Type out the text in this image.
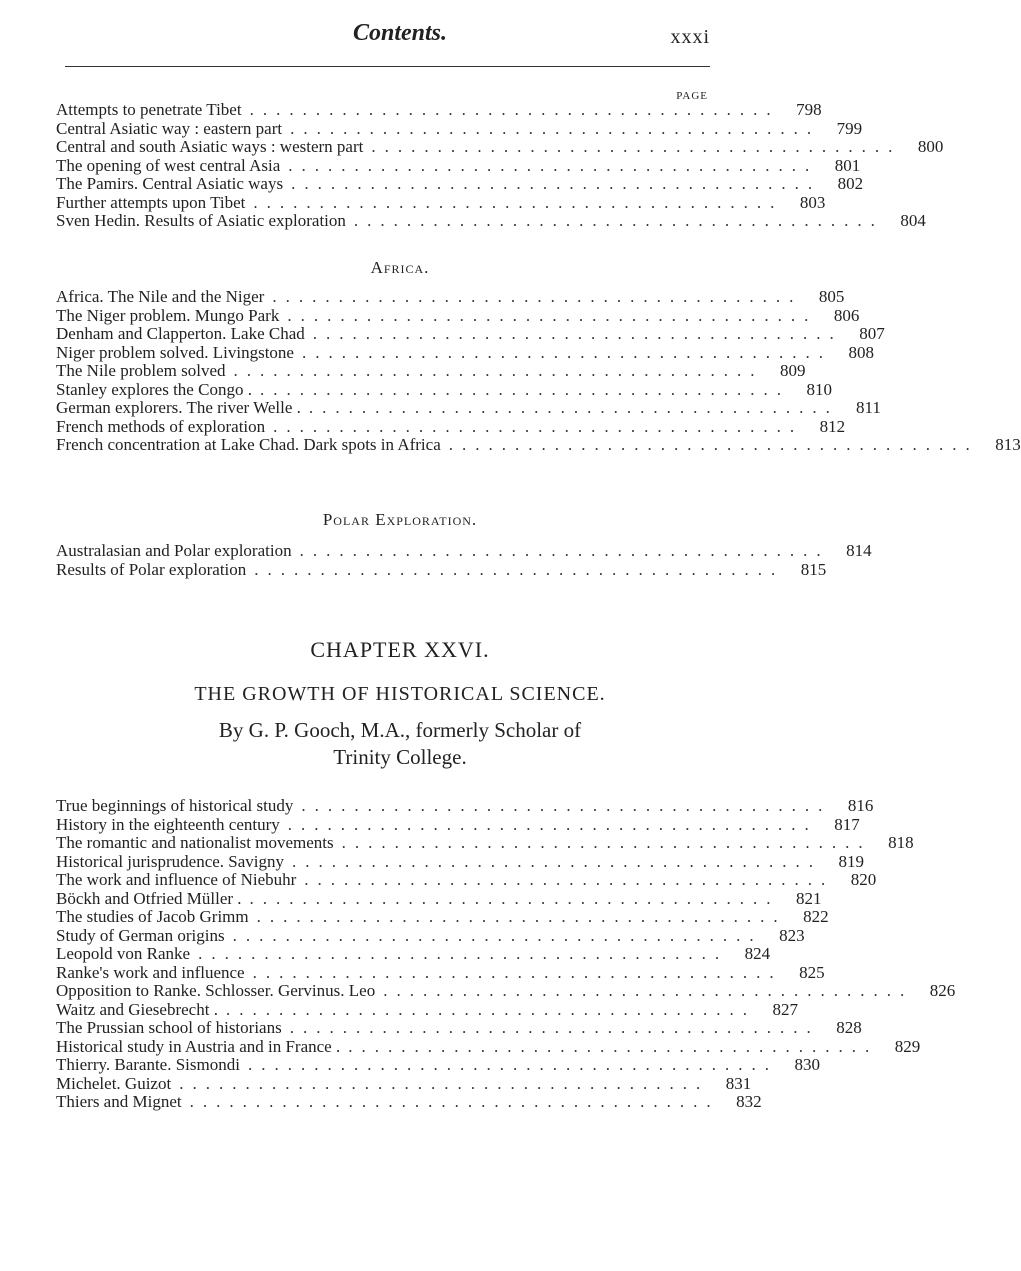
Contents.	xxxi
PAGE
Attempts to penetrate Tibet ........................................ 798
Central Asiatic way : eastern part ........................................ 799
Central and south Asiatic ways : western part ........................................ 800
The opening of west central Asia ........................................ 801
The Pamirs. Central Asiatic ways ........................................ 802
Further attempts upon Tibet ........................................ 803
Sven Hedin. Results of Asiatic exploration ........................................ 804
Africa.
Africa. The Nile and the Niger ........................................ 805
The Niger problem. Mungo Park ........................................ 806
Denham and Clapperton. Lake Chad ........................................ 807
Niger problem solved. Livingstone ........................................ 808
The Nile problem solved ........................................ 809
Stanley explores the Congo . ........................................ 810
German explorers. The river Welle . ........................................	811
French methods of exploration ........................................ 812
French concentration at Lake Chad. Dark spots in Africa ........................................ 813
Polar Exploration.
Australasian and Polar exploration ........................................ 814
Results of Polar exploration ........................................ 815
CHAPTER XXVI.
THE GROWTH OF HISTORICAL SCIENCE.
By G. P. Gooch, M.A., formerly Scholar of
Trinity College.
True beginnings of historical study ........................................ 816
History in the eighteenth century ........................................ 817
The romantic and nationalist movements ........................................ 818
Historical jurisprudence. Savigny ........................................ 819
The work and influence of Niebuhr ........................................ 820
Böckh and Otfried Müller . ........................................ 821
The studies of Jacob Grimm ........................................ 822
Study of German origins ........................................ 823
Leopold von Ranke ........................................ 824
Ranke's work and influence ........................................ 825
Opposition to Ranke. Schlosser. Gervinus. Leo ........................................ 826
Waitz and Giesebrecht . ........................................ 827
The Prussian school of historians ........................................ 828
Historical study in Austria and in France . ........................................ 829
Thierry. Barante. Sismondi ........................................ 830
Michelet. Guizot ........................................ 831
Thiers and Mignet ........................................ 832
